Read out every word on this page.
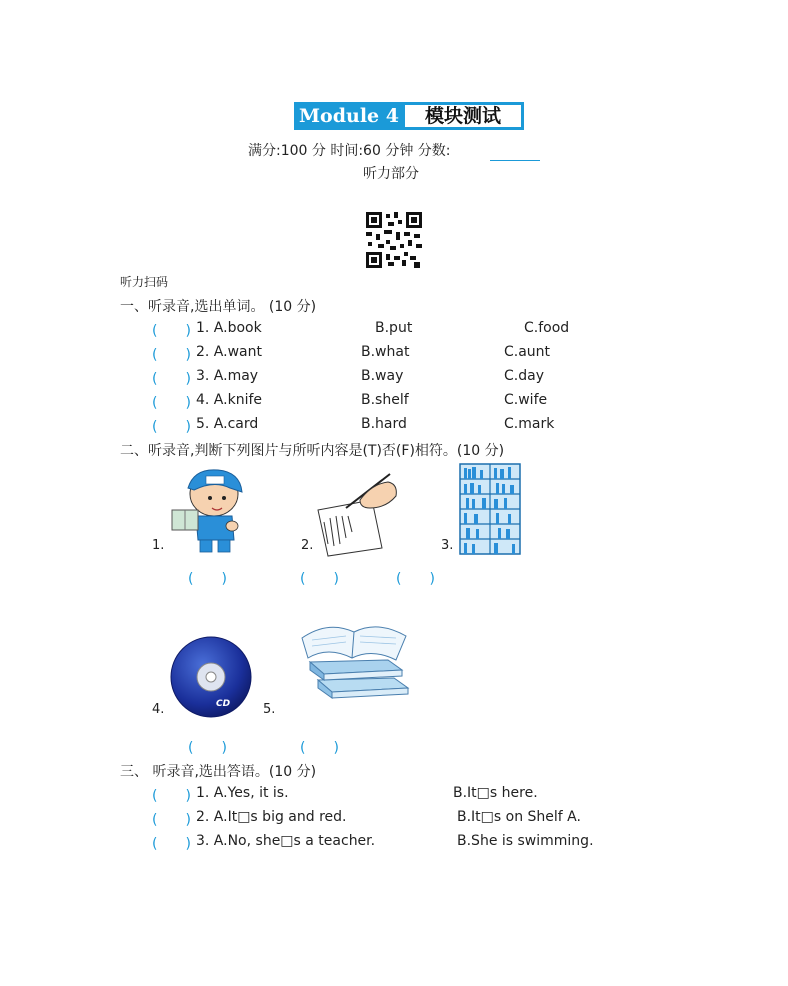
Module 4	模块测试
满分:100 分 时间:60 分钟 分数:
听力部分
听力扫码
一、听录音,选出单词。 (10 分)
(　　) 1. A.book	B.put	C.food
(　　) 2. A.want	B.what	C.aunt
(　　) 3. A.may	B.way	C.day
(　　) 4. A.knife	B.shelf	C.wife
(　　) 5. A.card	B.hard	C.mark
二、听录音,判断下列图片与所听内容是(T)否(F)相符。(10 分)
1.	2.	3.
(　　)	(　　)	(　　)
4.	CD	5.
(　　)	(　　)
三、 听录音,选出答语。(10 分)
(　　) 1. A.Yes, it is.	B.It□s here.
(　　) 2. A.It□s big and red.	B.It□s on Shelf A.
(　　) 3. A.No, she□s a teacher.	B.She is swimming.
